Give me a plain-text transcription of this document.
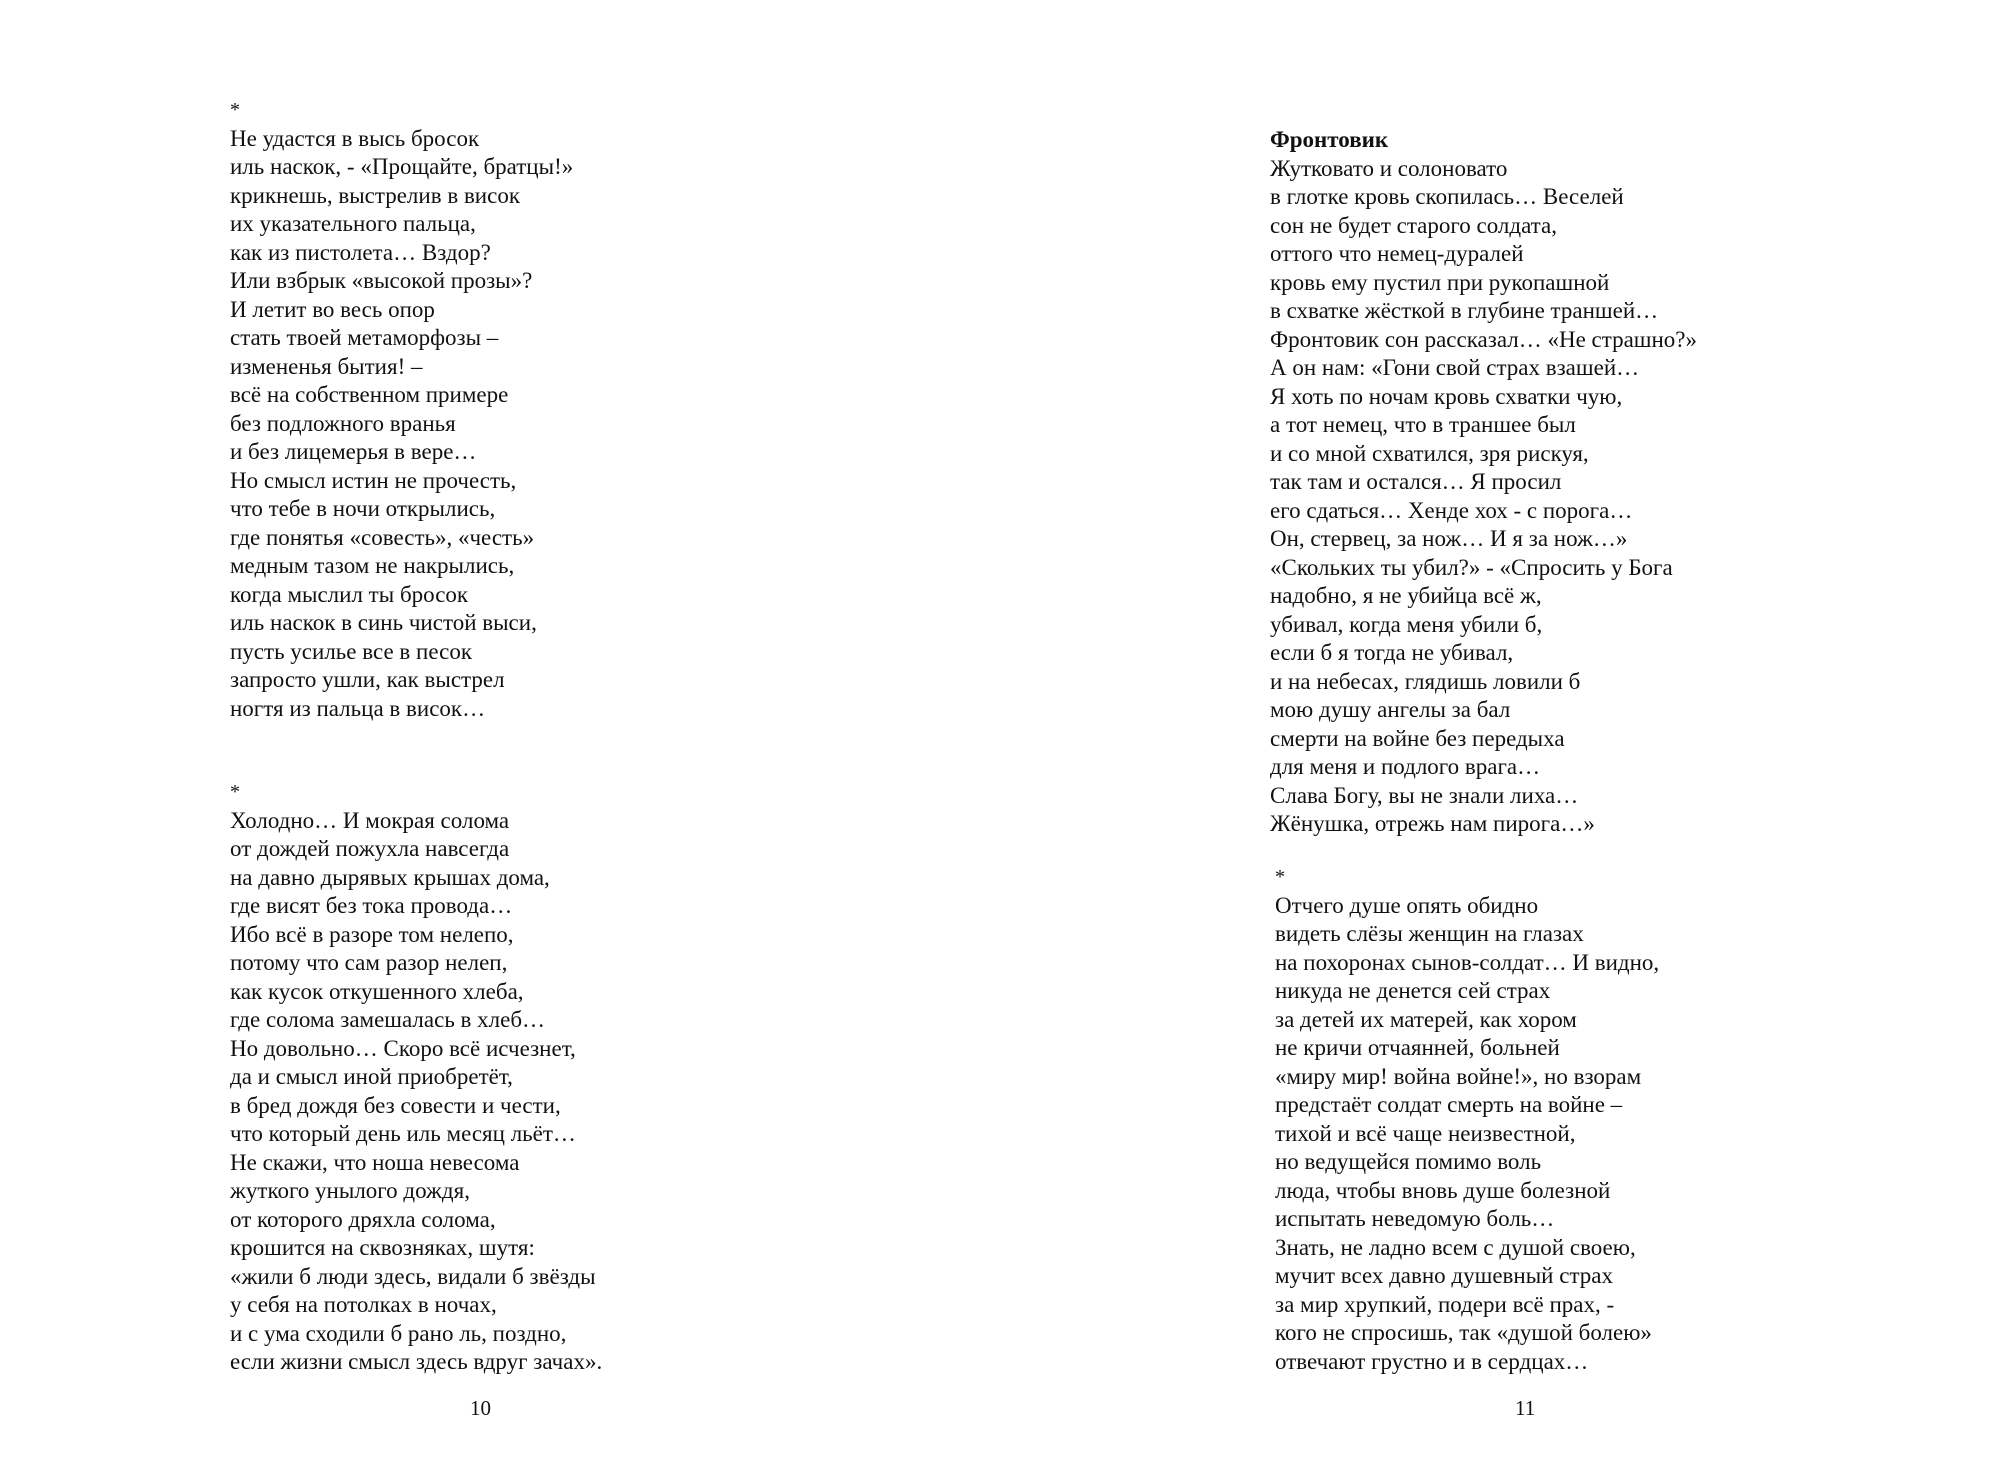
*
Не удастся в высь бросок
иль наскок, - «Прощайте, братцы!»
крикнешь, выстрелив в висок
их указательного пальца,
как из пистолета… Вздор?
Или взбрык «высокой прозы»?
И летит во весь опор
стать твоей метаморфозы –
измененья бытия! –
всё на собственном примере
без подложного вранья
и без лицемерья в вере…
Но смысл истин не прочесть,
что тебе в ночи открылись,
где понятья «совесть», «честь»
медным тазом не накрылись,
когда мыслил ты бросок
иль наскок в синь чистой выси,
пусть усилье все в песок
запросто ушли, как выстрел
ногтя из пальца в висок…
*
Холодно… И мокрая солома
от дождей пожухла навсегда
на давно дырявых крышах дома,
где висят без тока провода…
Ибо всё в разоре том нелепо,
потому что сам разор нелеп,
как кусок откушенного хлеба,
где солома замешалась в хлеб…
Но довольно… Скоро всё исчезнет,
да и смысл иной приобретёт,
в бред дождя без совести и чести,
что который день иль месяц льёт…
Не скажи, что ноша невесома
жуткого унылого дождя,
от которого дряхла солома,
крошится на сквозняках, шутя:
«жили б люди здесь, видали б звёзды
у себя на потолках в ночах,
и с ума сходили б рано ль, поздно,
если жизни смысл здесь вдруг зачах».
10
Фронтовик
Жутковато и солоновато
в глотке кровь скопилась… Веселей
сон не будет старого солдата,
оттого что немец-дуралей
кровь ему пустил при рукопашной
в схватке жёсткой в глубине траншей…
Фронтовик сон рассказал… «Не страшно?»
А он нам: «Гони свой страх взашей…
Я хоть по ночам кровь схватки чую,
а тот немец, что в траншее был
и со мной схватился, зря рискуя,
так там и остался… Я просил
его сдаться… Хенде хох - с порога…
Он, стервец, за нож… И я за нож…»
«Скольких ты убил?» - «Спросить у Бога
надобно, я не убийца всё ж,
убивал, когда меня убили б,
если б я тогда не убивал,
и на небесах, глядишь ловили б
мою душу ангелы за бал
смерти на войне без передыха
для меня и подлого врага…
Слава Богу, вы не знали лиха…
Жёнушка, отрежь нам пирога…»
*
Отчего душе опять обидно
видеть слёзы женщин на глазах
на похоронах сынов-солдат… И видно,
никуда не денется сей страх
за детей их матерей, как хором
не кричи отчаянней, больней
«миру мир! война войне!», но взорам
предстаёт солдат смерть на войне –
тихой и всё чаще неизвестной,
но ведущейся помимо воль
люда, чтобы вновь душе болезной
испытать неведомую боль…
Знать, не ладно всем с душой своею,
мучит всех давно душевный страх
за мир хрупкий, подери всё прах, -
кого не спросишь, так «душой болею»
отвечают грустно и в сердцах…
11
